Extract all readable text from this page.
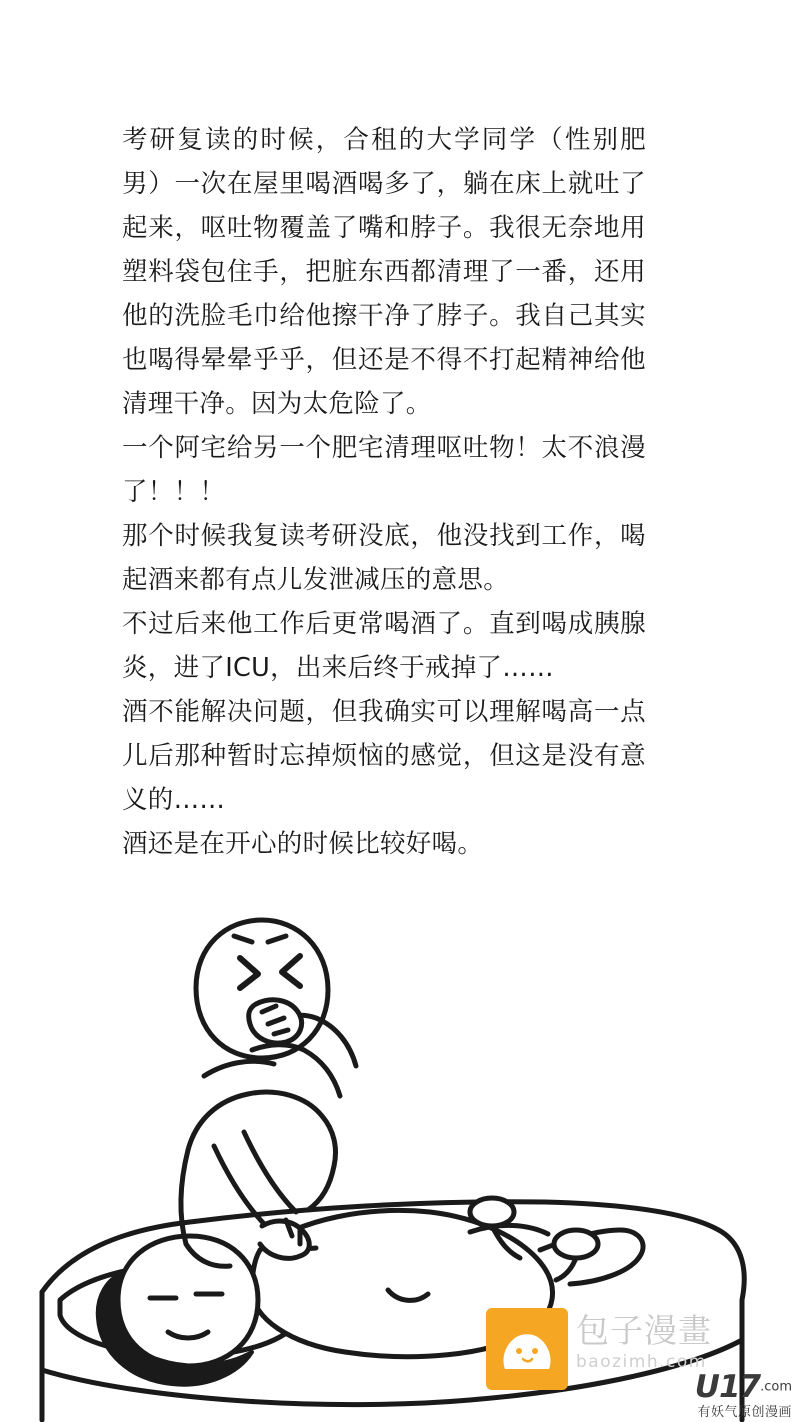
考研复读的时候，合租的大学同学（性别肥男）一次在屋里喝酒喝多了，躺在床上就吐了起来，呕吐物覆盖了嘴和脖子。我很无奈地用塑料袋包住手，把脏东西都清理了一番，还用他的洗脸毛巾给他擦干净了脖子。我自己其实也喝得晕晕乎乎，但还是不得不打起精神给他清理干净。因为太危险了。

一个阿宅给另一个肥宅清理呕吐物！太不浪漫了！！！

那个时候我复读考研没底，他没找到工作，喝起酒来都有点儿发泄减压的意思。

不过后来他工作后更常喝酒了。直到喝成胰腺炎，进了ICU，出来后终于戒掉了……

酒不能解决问题，但我确实可以理解喝高一点儿后那种暂时忘掉烦恼的感觉，但这是没有意义的……

酒还是在开心的时候比较好喝。

包子漫畫
baozimh.com
$U17^{.com}$
有妖气原创漫画
